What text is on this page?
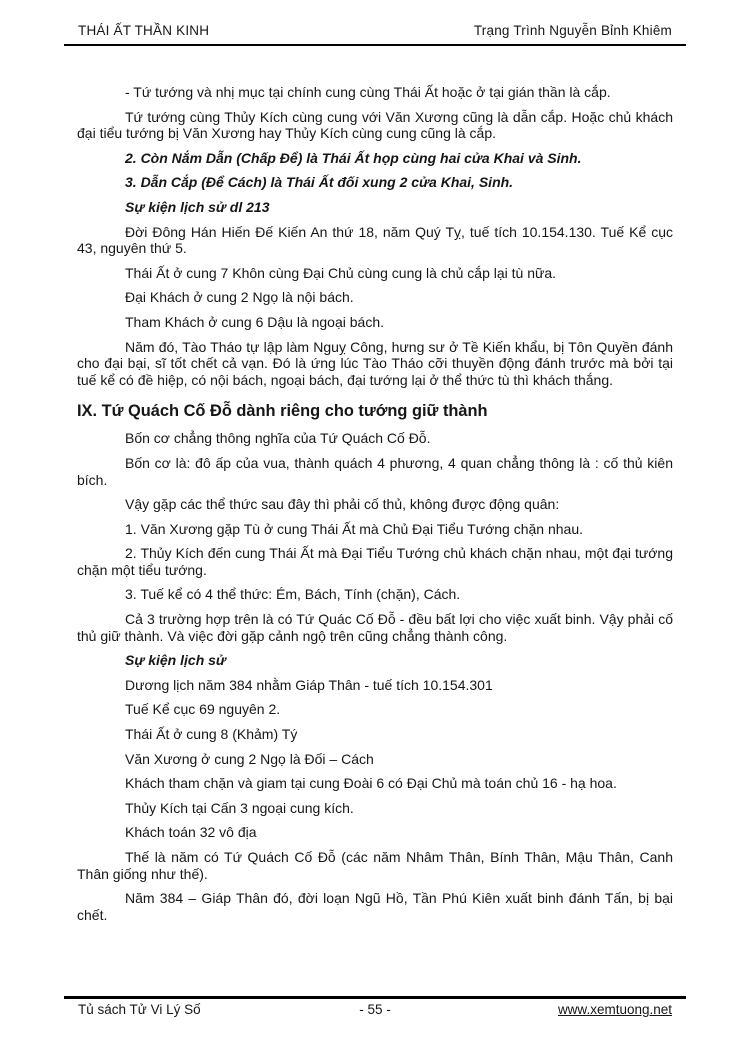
THÁI ẤT THẦN KINH	Trạng Trình Nguyễn Bỉnh Khiêm

- Tứ tướng và nhị mục tại chính cung cùng Thái Ất hoặc ở tại gián thần là cắp.

Tứ tướng cùng Thủy Kích cùng cung với Văn Xương cũng là dẫn cắp. Hoặc chủ khách đại tiểu tướng bị Văn Xương hay Thủy Kích cùng cung cũng là cắp.

2. Còn Nắm Dẫn (Chấp Để) là Thái Ất họp cùng hai cửa Khai và Sinh.

3. Dẫn Cắp (Để Cách) là Thái Ất đối xung 2 cửa Khai, Sinh.

Sự kiện lịch sử dl 213

Đời Đông Hán Hiến Đế Kiến An thứ 18, năm Quý Tỵ, tuế tích 10.154.130. Tuế Kể cục 43, nguyên thứ 5.

Thái Ất ở cung 7 Khôn cùng Đại Chủ cùng cung là chủ cắp lại tù nữa.

Đại Khách ở cung 2 Ngọ là nội bách.

Tham Khách ở cung 6 Dậu là ngoại bách.

Năm đó, Tào Tháo tự lập làm Nguỵ Công, hưng sư ở Tề Kiến khẩu, bị Tôn Quyền đánh cho đại bại, sĩ tốt chết cả vạn. Đó là ứng lúc Tào Tháo cỡi thuyền động đánh trước mà bởi tại tuế kể có đề hiệp, có nội bách, ngoại bách, đại tướng lại ở thể thức tù thì khách thắng.

IX. Tứ Quách Cố Đỗ dành riêng cho tướng giữ thành

Bốn cơ chẳng thông nghĩa của Tứ Quách Cố Đỗ.

Bốn cơ là: đô ấp của vua, thành quách 4 phương, 4 quan chẳng thông là : cố thủ kiên bích.

Vậy gặp các thể thức sau đây thì phải cố thủ, không được động quân:

1. Văn Xương gặp Tù ở cung Thái Ất mà Chủ Đại Tiểu Tướng chặn nhau.

2. Thủy Kích đến cung Thái Ất mà Đại Tiểu Tướng chủ khách chặn nhau, một đại tướng chặn một tiểu tướng.

3. Tuế kể có 4 thể thức: Ém, Bách, Tính (chặn), Cách.

Cả 3 trường hợp trên là có Tứ Quác Cố Đỗ - đều bất lợi cho việc xuất binh. Vậy phải cố thủ giữ thành. Và việc đời gặp cảnh ngộ trên cũng chẳng thành công.

Sự kiện lịch sử

Dương lịch năm 384 nhằm Giáp Thân - tuế tích 10.154.301

Tuế Kể cục 69 nguyên 2.

Thái Ất ở cung 8 (Khảm) Tý

Văn Xương ở cung 2 Ngọ là Đối – Cách

Khách tham chặn và giam tại cung Đoài 6 có Đại Chủ mà toán chủ 16 - hạ hoa.

Thủy Kích tại Cấn 3 ngoại cung kích.

Khách toán 32 vô địa

Thế là năm có Tứ Quách Cố Đỗ (các năm Nhâm Thân, Bính Thân, Mậu Thân, Canh Thân giống như thế).

Năm 384 – Giáp Thân đó, đời loạn Ngũ Hồ, Tần Phú Kiên xuất binh đánh Tấn, bị bại chết.

Tủ sách Tử Vi Lý Số	- 55 -	www.xemtuong.net
